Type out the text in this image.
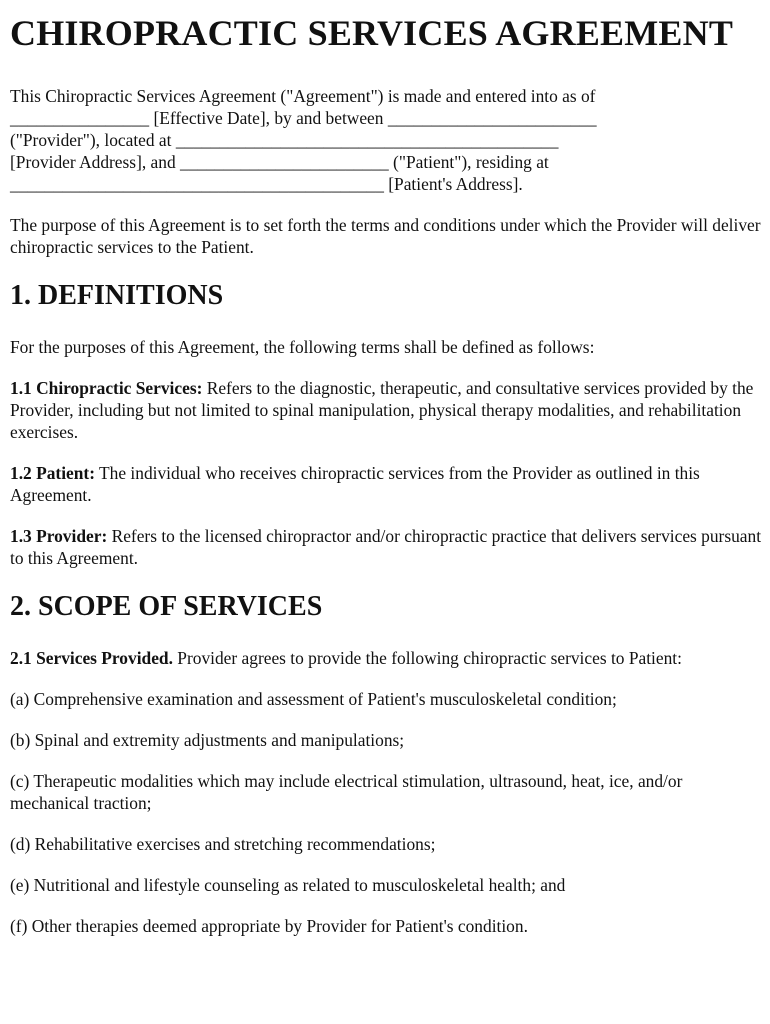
CHIROPRACTIC SERVICES AGREEMENT

This Chiropractic Services Agreement ("Agreement") is made and entered into as of
________________ [Effective Date], by and between ________________________
("Provider"), located at ____________________________________________
[Provider Address], and ________________________ ("Patient"), residing at
___________________________________________ [Patient's Address].

The purpose of this Agreement is to set forth the terms and conditions under which the Provider will deliver chiropractic services to the Patient.

1. DEFINITIONS

For the purposes of this Agreement, the following terms shall be defined as follows:

1.1 Chiropractic Services: Refers to the diagnostic, therapeutic, and consultative services provided by the Provider, including but not limited to spinal manipulation, physical therapy modalities, and rehabilitation exercises.

1.2 Patient: The individual who receives chiropractic services from the Provider as outlined in this Agreement.

1.3 Provider: Refers to the licensed chiropractor and/or chiropractic practice that delivers services pursuant to this Agreement.

2. SCOPE OF SERVICES

2.1 Services Provided. Provider agrees to provide the following chiropractic services to Patient:

(a) Comprehensive examination and assessment of Patient's musculoskeletal condition;

(b) Spinal and extremity adjustments and manipulations;

(c) Therapeutic modalities which may include electrical stimulation, ultrasound, heat, ice, and/or mechanical traction;

(d) Rehabilitative exercises and stretching recommendations;

(e) Nutritional and lifestyle counseling as related to musculoskeletal health; and

(f) Other therapies deemed appropriate by Provider for Patient's condition.
